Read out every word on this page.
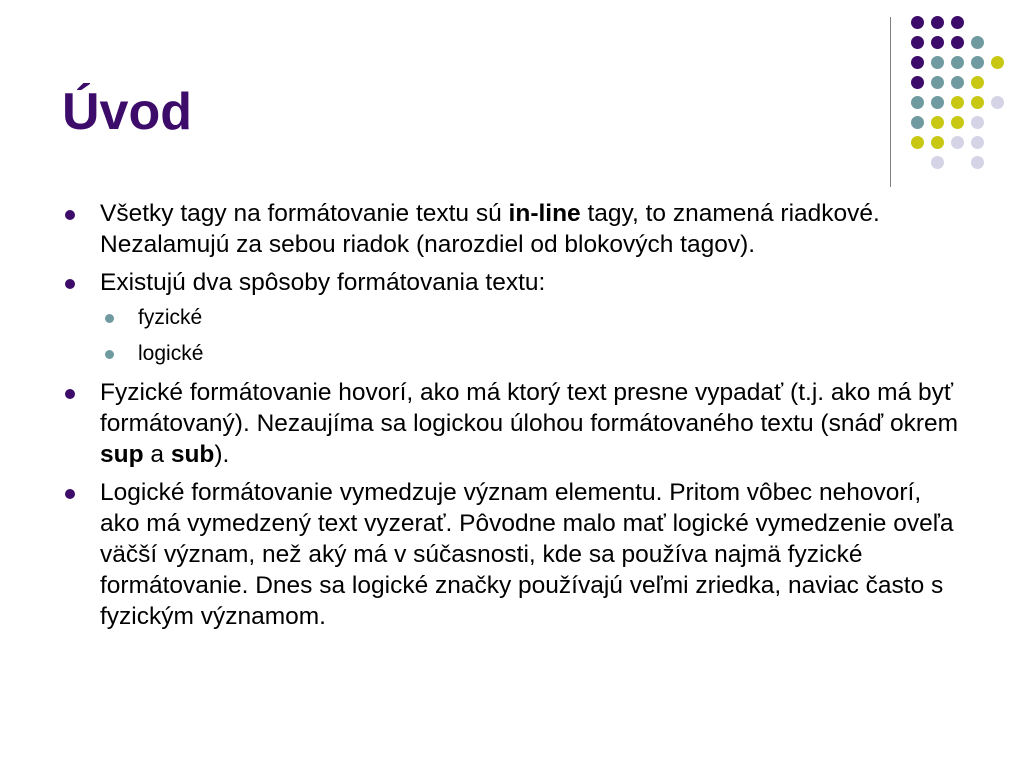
Úvod
Všetky tagy na formátovanie textu sú in-line tagy, to znamená riadkové. Nezalamujú za sebou riadok (narozdiel od blokových tagov).
Existujú dva spôsoby formátovania textu:
fyzické
logické
Fyzické formátovanie hovorí, ako má ktorý text presne vypadať (t.j. ako má byť formátovaný). Nezaujíma sa logickou úlohou formátovaného textu (snáď okrem sup a sub).
Logické formátovanie vymedzuje význam elementu. Pritom vôbec nehovorí, ako má vymedzený text vyzerať. Pôvodne malo mať logické vymedzenie oveľa väčší význam, než aký má v súčasnosti, kde sa používa najmä fyzické formátovanie. Dnes sa logické značky používajú veľmi zriedka, naviac často s fyzickým významom.
